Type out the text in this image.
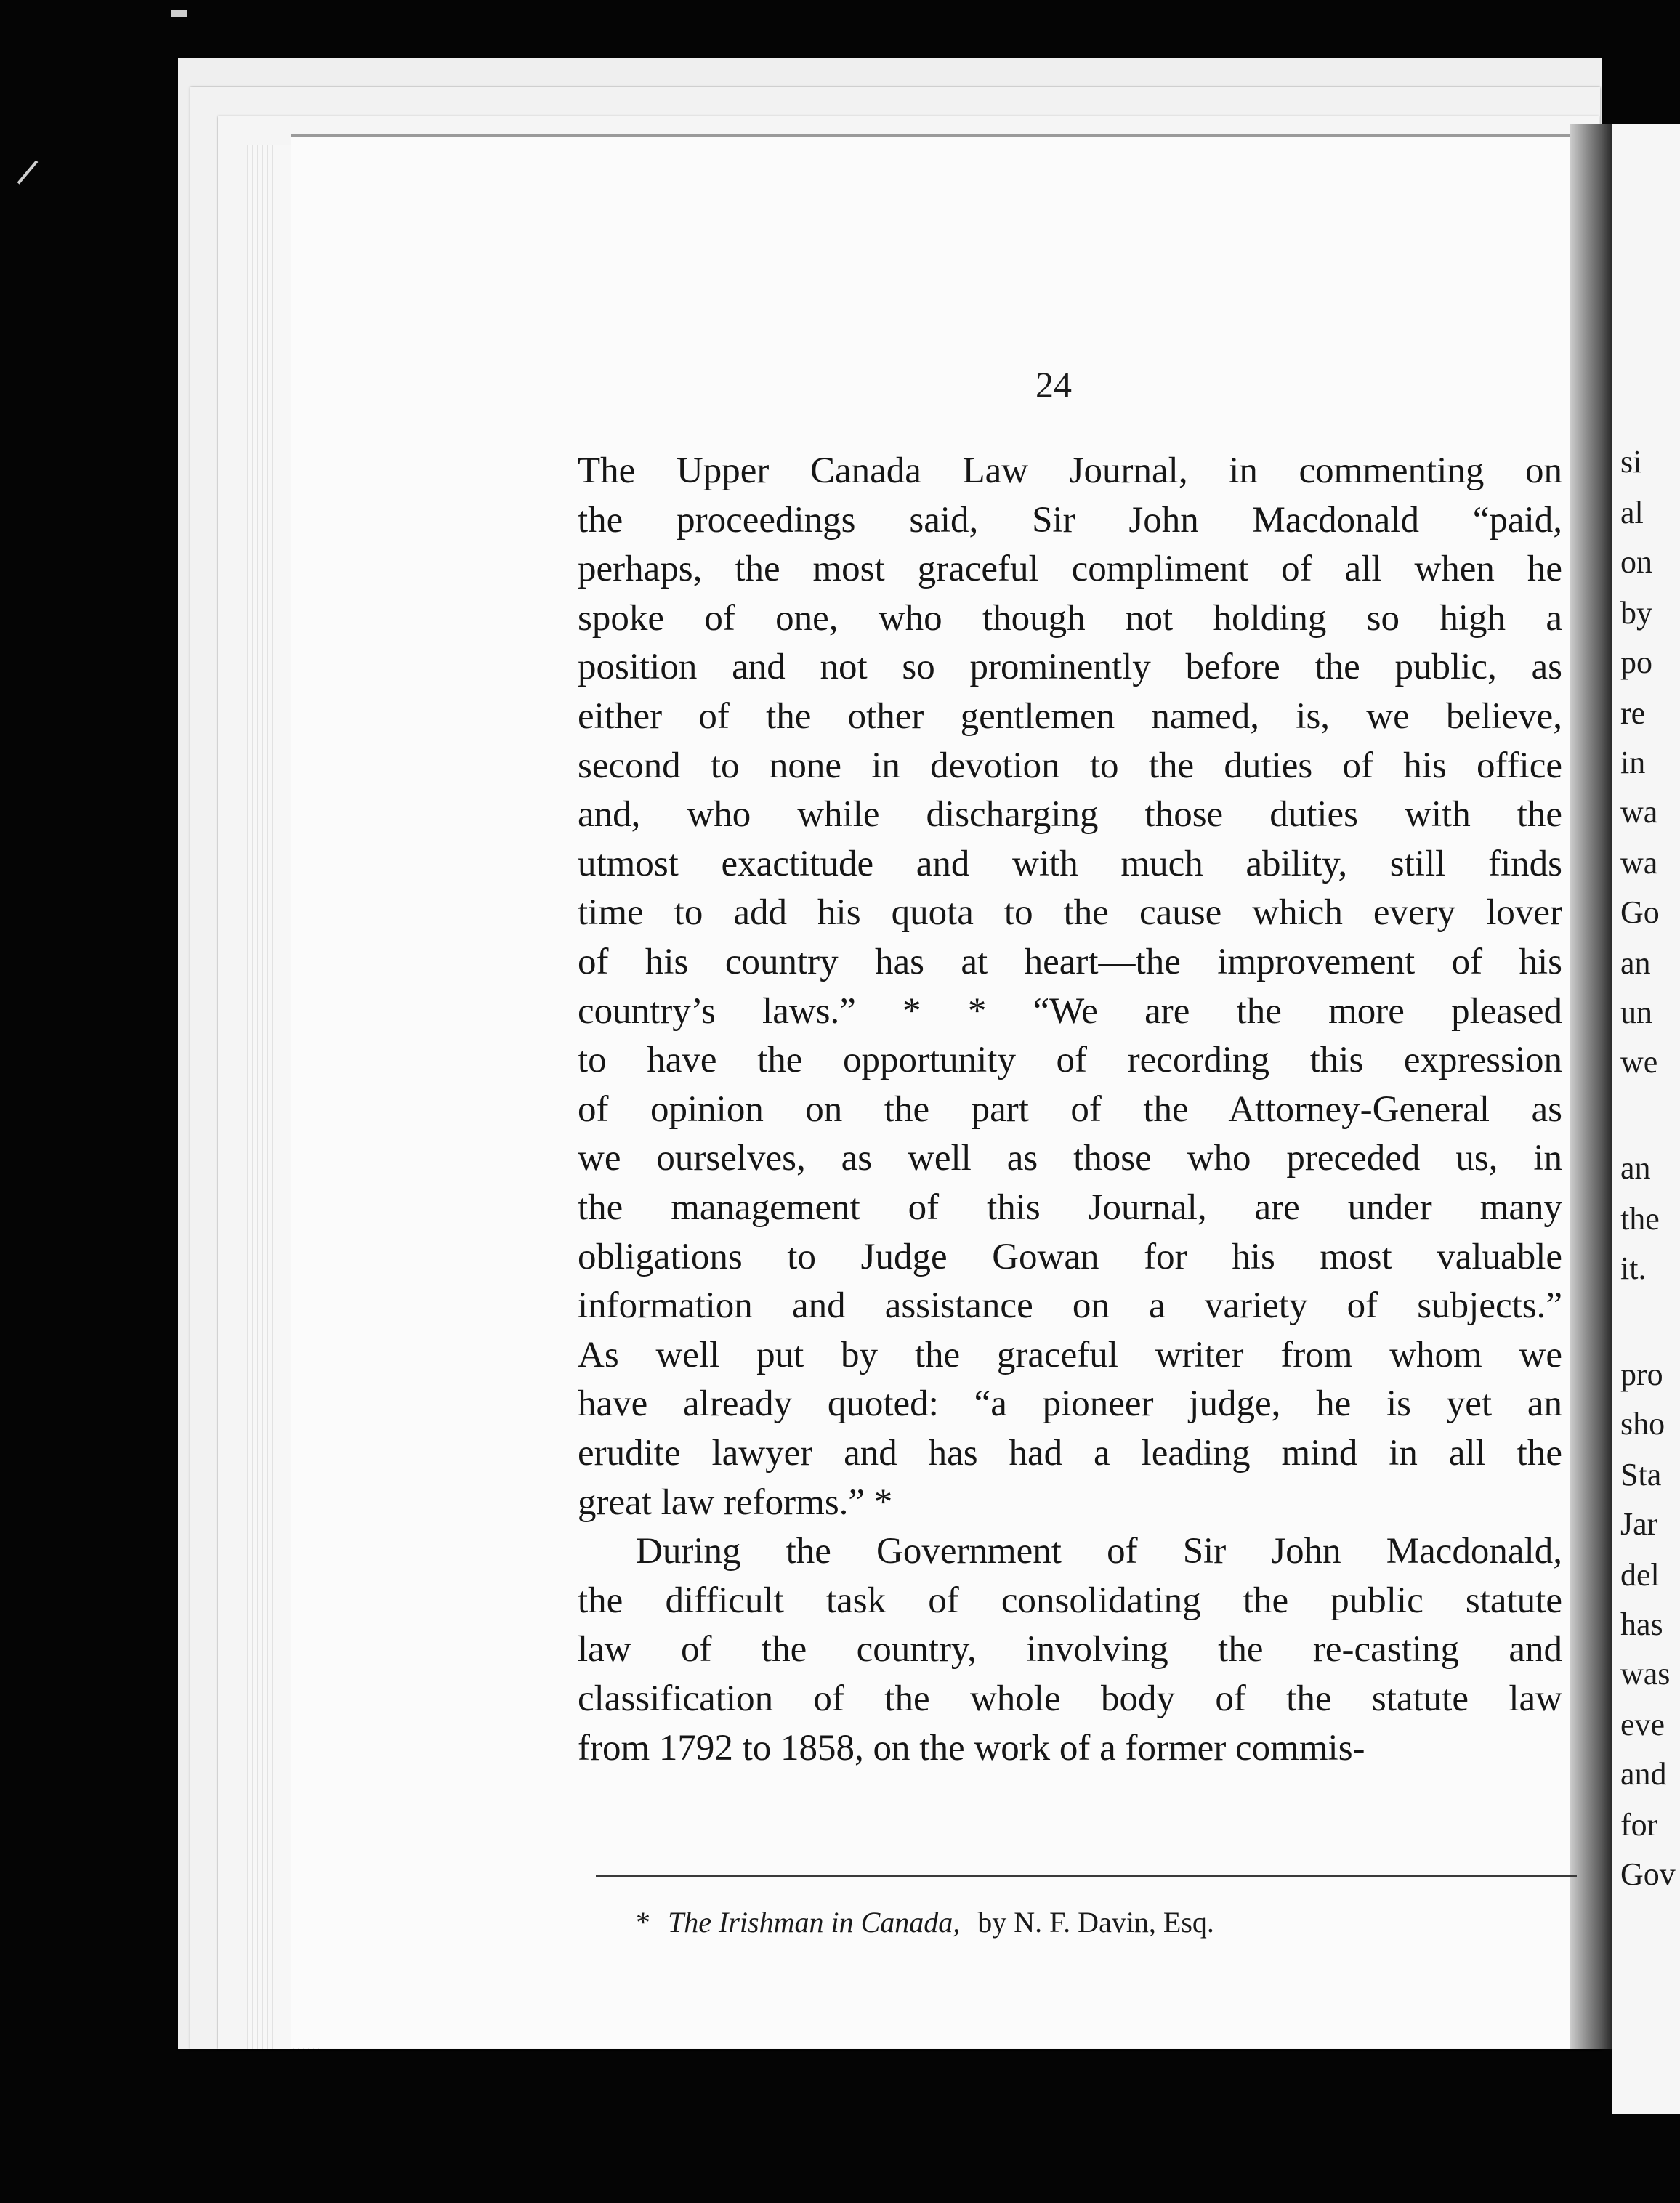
si
al
on
by
po
re
in
wa
wa
Go
an
un
we
an
the
it.
pro
sho
Sta
Jar
del
has
was
eve
and
for
Gov
24
The Upper Canada Law Journal, in commenting on
the proceedings said, Sir John Macdonald “paid,
perhaps, the most graceful compliment of all when he
spoke of one, who though not holding so high a
position and not so prominently before the public, as
either of the other gentlemen named, is, we believe,
second to none in devotion to the duties of his office
and, who while discharging those duties with the
utmost exactitude and with much ability, still finds
time to add his quota to the cause which every lover
of his country has at heart—the improvement of his
country’s laws.” * * “We are the more pleased
to have the opportunity of recording this expression
of opinion on the part of the Attorney-General as
we ourselves, as well as those who preceded us, in
the management of this Journal, are under many
obligations to Judge Gowan for his most valuable
information and assistance on a variety of subjects.”
As well put by the graceful writer from whom we
have already quoted: “a pioneer judge, he is yet an
erudite lawyer and has had a leading mind in all the
great law reforms.” *
During the Government of Sir John Macdonald,
the difficult task of consolidating the public statute
law of the country, involving the re-casting and
classification of the whole body of the statute law
from 1792 to 1858, on the work of a former commis-
* The Irishman in Canada, by N. F. Davin, Esq.
